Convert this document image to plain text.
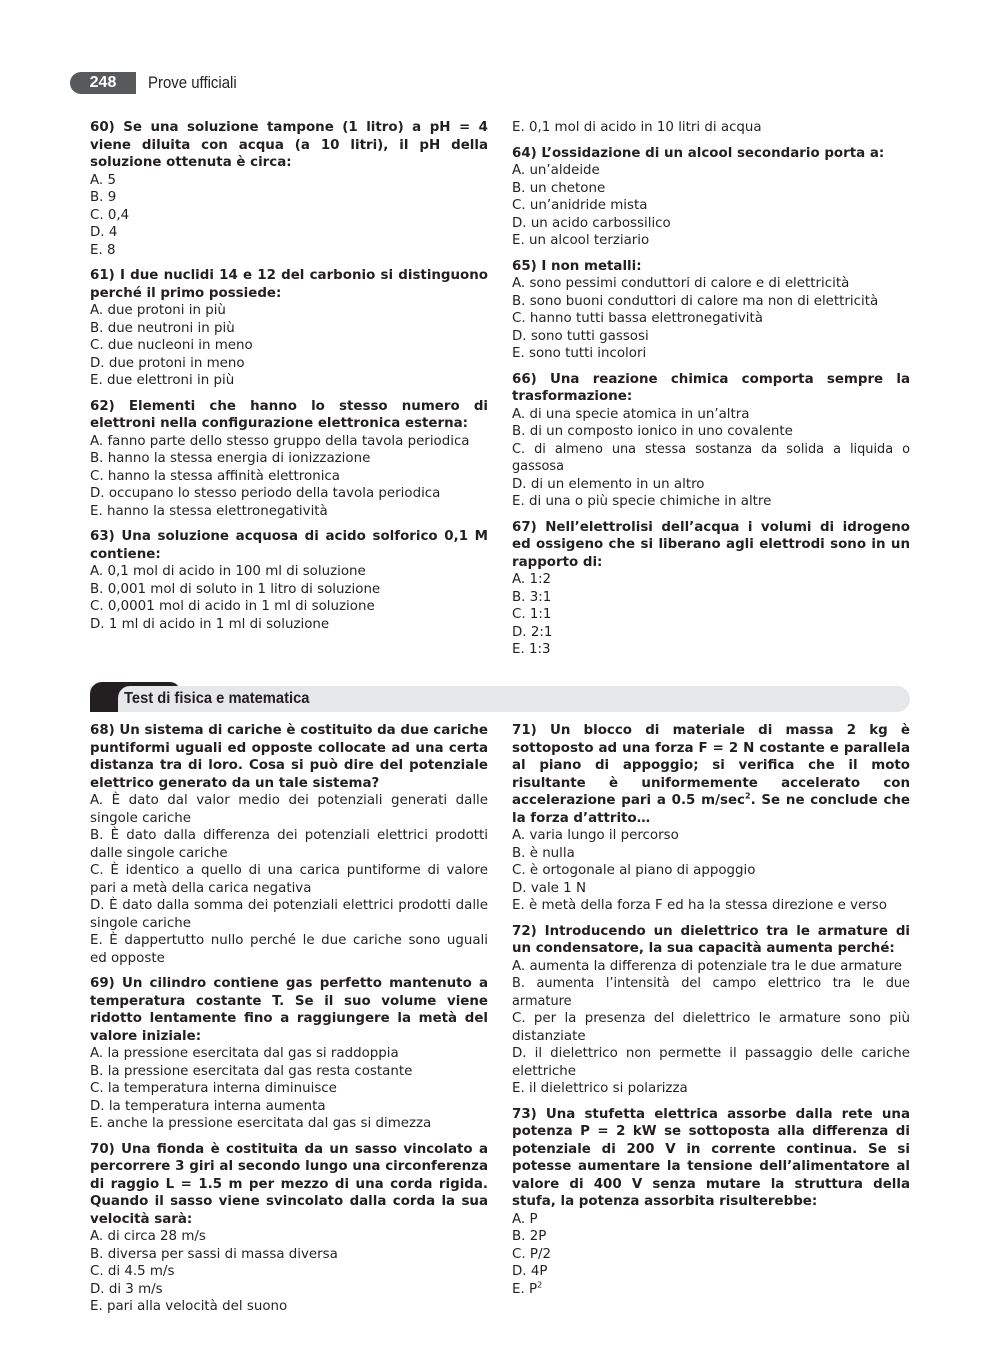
248	Prove ufficiali
60) Se una soluzione tampone (1 litro) a pH = 4 viene diluita con acqua (a 10 litri), il pH della soluzione ottenuta è circa:
A. 5
B. 9
C. 0,4
D. 4
E. 8
61) I due nuclidi 14 e 12 del carbonio si distinguono perché il primo possiede:
A. due protoni in più
B. due neutroni in più
C. due nucleoni in meno
D. due protoni in meno
E. due elettroni in più
62) Elementi che hanno lo stesso numero di elettroni nella configurazione elettronica esterna:
A. fanno parte dello stesso gruppo della tavola periodica
B. hanno la stessa energia di ionizzazione
C. hanno la stessa affinità elettronica
D. occupano lo stesso periodo della tavola periodica
E. hanno la stessa elettronegatività
63) Una soluzione acquosa di acido solforico 0,1 M contiene:
A. 0,1 mol di acido in 100 ml di soluzione
B. 0,001 mol di soluto in 1 litro di soluzione
C. 0,0001 mol di acido in 1 ml di soluzione
D. 1 ml di acido in 1 ml di soluzione
E. 0,1 mol di acido in 10 litri di acqua
64) L’ossidazione di un alcool secondario porta a:
A. un’aldeide
B. un chetone
C. un’anidride mista
D. un acido carbossilico
E. un alcool terziario
65) I non metalli:
A. sono pessimi conduttori di calore e di elettricità
B. sono buoni conduttori di calore ma non di elettricità
C. hanno tutti bassa elettronegatività
D. sono tutti gassosi
E. sono tutti incolori
66) Una reazione chimica comporta sempre la trasformazione:
A. di una specie atomica in un’altra
B. di un composto ionico in uno covalente
C. di almeno una stessa sostanza da solida a liquida o gassosa
D. di un elemento in un altro
E. di una o più specie chimiche in altre
67) Nell’elettrolisi dell’acqua i volumi di idrogeno ed ossigeno che si liberano agli elettrodi sono in un rapporto di:
A. 1:2
B. 3:1
C. 1:1
D. 2:1
E. 1:3
Test di fisica e matematica
68) Un sistema di cariche è costituito da due cariche puntiformi uguali ed opposte collocate ad una certa distanza tra di loro. Cosa si può dire del potenziale elettrico generato da un tale sistema?
A. È dato dal valor medio dei potenziali generati dalle singole cariche
B. È dato dalla differenza dei potenziali elettrici prodotti dalle singole cariche
C. È identico a quello di una carica puntiforme di valore pari a metà della carica negativa
D. È dato dalla somma dei potenziali elettrici prodotti dalle singole cariche
E. È dappertutto nullo perché le due cariche sono uguali ed opposte
69) Un cilindro contiene gas perfetto mantenuto a temperatura costante T. Se il suo volume viene ridotto lentamente fino a raggiungere la metà del valore iniziale:
A. la pressione esercitata dal gas si raddoppia
B. la pressione esercitata dal gas resta costante
C. la temperatura interna diminuisce
D. la temperatura interna aumenta
E. anche la pressione esercitata dal gas si dimezza
70) Una fionda è costituita da un sasso vincolato a percorrere 3 giri al secondo lungo una circonferenza di raggio L = 1.5 m per mezzo di una corda rigida. Quando il sasso viene svincolato dalla corda la sua velocità sarà:
A. di circa 28 m/s
B. diversa per sassi di massa diversa
C. di 4.5 m/s
D. di 3 m/s
E. pari alla velocità del suono
71) Un blocco di materiale di massa 2 kg è sottoposto ad una forza F = 2 N costante e parallela al piano di appoggio; si verifica che il moto risultante è uniformemente accelerato con accelerazione pari a 0.5 $m/\sec^2$. Se ne conclude che la forza d’attrito…
A. varia lungo il percorso
B. è nulla
C. è ortogonale al piano di appoggio
D. vale 1 N
E. è metà della forza F ed ha la stessa direzione e verso
72) Introducendo un dielettrico tra le armature di un condensatore, la sua capacità aumenta perché:
A. aumenta la differenza di potenziale tra le due armature
B. aumenta l’intensità del campo elettrico tra le due armature
C. per la presenza del dielettrico le armature sono più distanziate
D. il dielettrico non permette il passaggio delle cariche elettriche
E. il dielettrico si polarizza
73) Una stufetta elettrica assorbe dalla rete una potenza P = 2 kW se sottoposta alla differenza di potenziale di 200 V in corrente continua. Se si potesse aumentare la tensione dell’alimentatore al valore di 400 V senza mutare la struttura della stufa, la potenza assorbita risulterebbe:
A. P
B. 2P
C. P/2
D. 4P
E. $P^2$
